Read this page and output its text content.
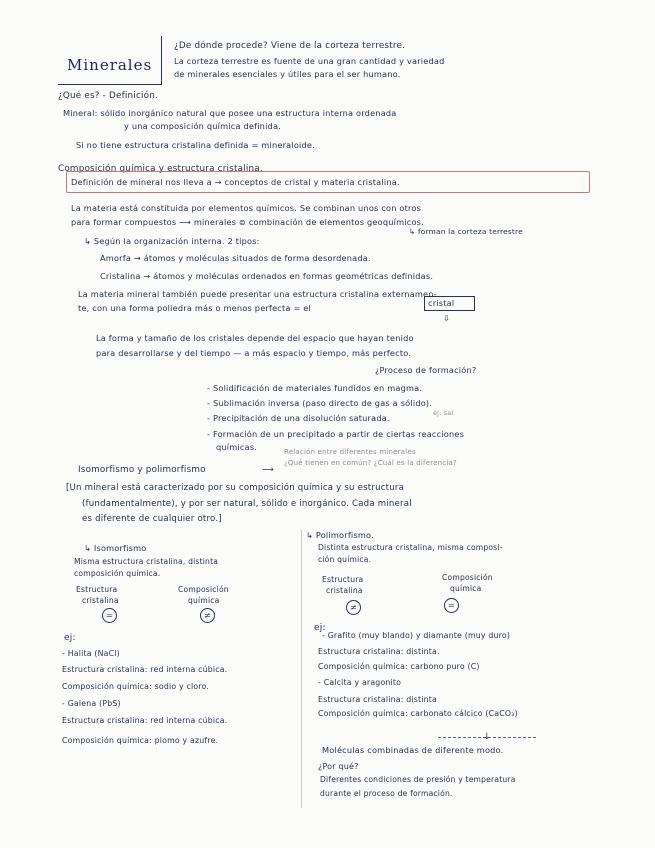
Minerales
¿De dónde procede? Viene de la corteza terrestre.
La corteza terrestre es fuente de una gran cantidad y variedad
de minerales esenciales y útiles para el ser humano.
¿Qué es? - Definición.
Mineral: sólido inorgánico natural que posee una estructura interna ordenada
y una composición química definida.
Si no tiene estructura cristalina definida = mineraloide.
Composición química y estructura cristalina.
Definición de mineral nos lleva a → conceptos de cristal y materia cristalina.
La materia está constituida por elementos químicos. Se combinan unos con otros
para formar compuestos ⟶ minerales ⊜ combinación de elementos geoquímicos.
↳ forman la corteza terrestre
↳ Según la organización interna. 2 tipos:
Amorfa → átomos y moléculas situados de forma desordenada.
Cristalina → átomos y moléculas ordenados en formas geométricas definidas.
La materia mineral también puede presentar una estructura cristalina externamen-
te, con una forma poliedra más o menos perfecta = el	cristal
⇩
La forma y tamaño de los cristales depende del espacio que hayan tenido
para desarrollarse y del tiempo — a más espacio y tiempo, más perfecto.
¿Proceso de formación?
- Solidificación de materiales fundidos en magma.
- Sublimación inversa (paso directo de gas a sólido).
- Precipitación de una disolución saturada.	ej: sal
- Formación de un precipitado a partir de ciertas reacciones
químicas.
Isomorfismo y polimorfismo	⟶
Relación entre diferentes minerales
¿Qué tienen en común? ¿Cuál es la diferencia?
[Un mineral está caracterizado por su composición química y su estructura
(fundamentalmente), y por ser natural, sólido e inorgánico. Cada mineral
es diferente de cualquier otro.]
↳ Isomorfismo
Misma estructura cristalina, distinta
composición química.
Estructura
cristalina
Composición
química
=	≠
ej:
- Halita (NaCl)
Estructura cristalina: red interna cúbica.
Composición química: sodio y cloro.
- Galena (PbS)
Estructura cristalina: red interna cúbica.
Composición química: plomo y azufre.
↳ Polimorfismo.
Distinta estructura cristalina, misma composi-
ción química.
Estructura
cristalina
Composición
química
≠	=
ej:
- Grafito (muy blando) y diamante (muy duro)
Estructura cristalina: distinta.
Composición química: carbono puro (C)
- Calcita y aragonito
Estructura cristalina: distinta
Composición química: carbonato cálcico (CaCO₃)
↓
Moléculas combinadas de diferente modo.
¿Por qué?
Diferentes condiciones de presión y temperatura
durante el proceso de formación.
